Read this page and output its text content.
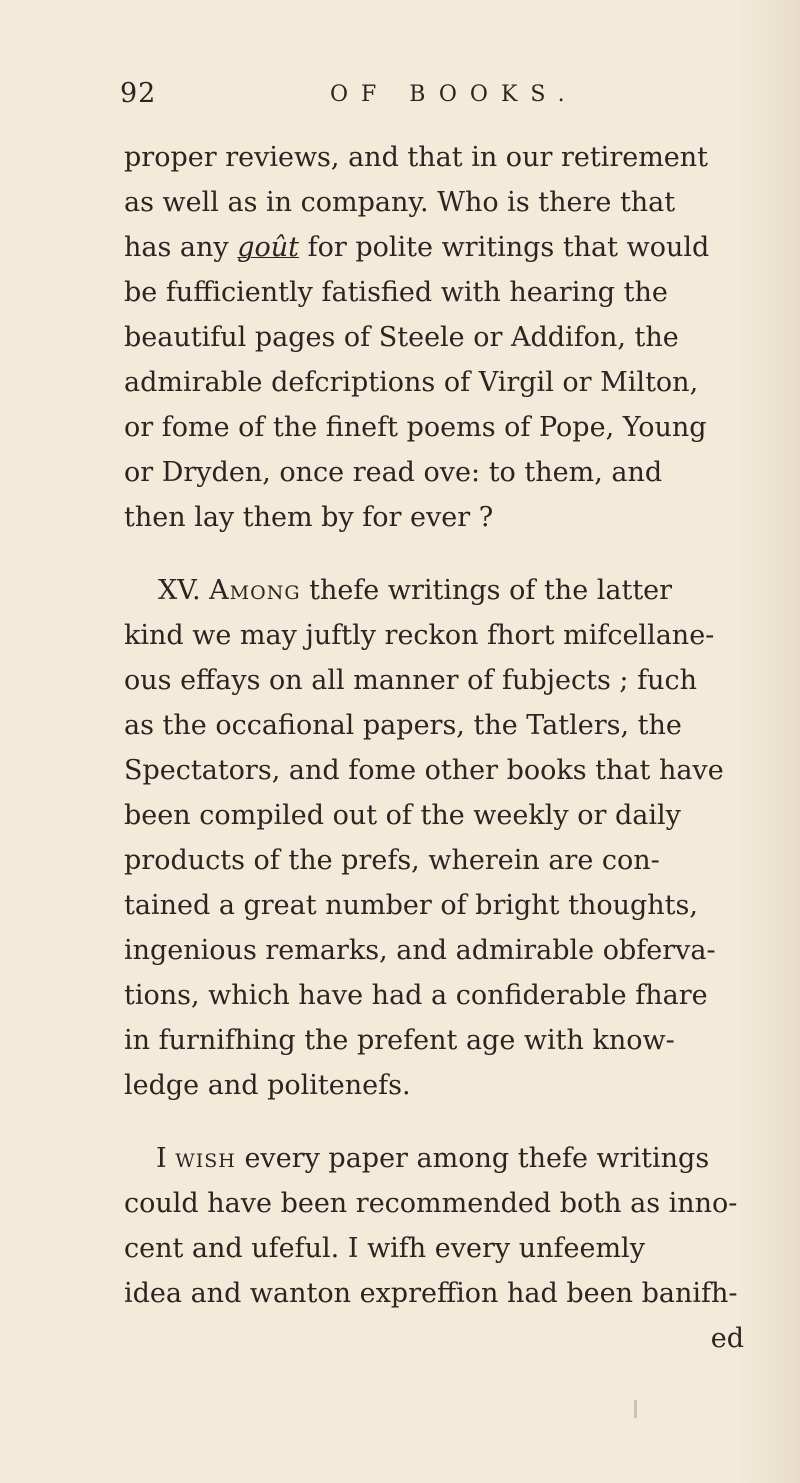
92	OF BOOKS.
proper reviews, and that in our retirement
as well as in company. Who is there that
has any goût for polite writings that would
be fufficiently fatisfied with hearing the
beautiful pages of Steele or Addifon, the
admirable defcriptions of Virgil or Milton,
or fome of the fineft poems of Pope, Young
or Dryden, once read ove: to them, and
then lay them by for ever ?
XV. Among thefe writings of the latter
kind we may juftly reckon fhort mifcellane-
ous effays on all manner of fubjects ; fuch
as the occafional papers, the Tatlers, the
Spectators, and fome other books that have
been compiled out of the weekly or daily
products of the prefs, wherein are con-
tained a great number of bright thoughts,
ingenious remarks, and admirable obferva-
tions, which have had a confiderable fhare
in furnifhing the prefent age with know-
ledge and politenefs.
I wish every paper among thefe writings
could have been recommended both as inno-
cent and ufeful. I wifh every unfeemly
idea and wanton expreffion had been banifh-
ed
